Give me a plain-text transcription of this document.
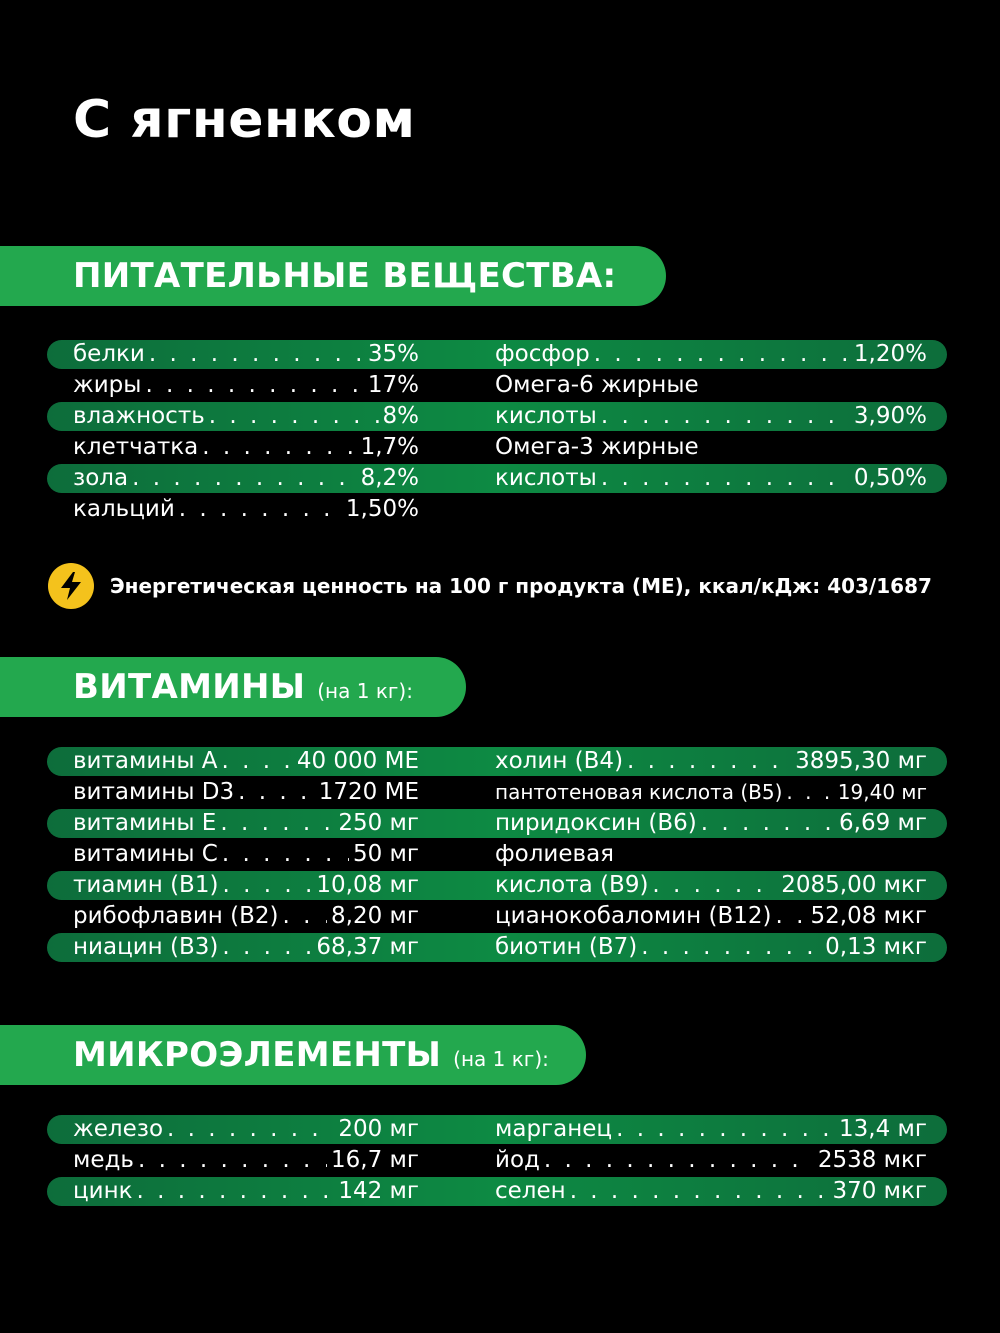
С ягненком
ПИТАТЕЛЬНЫЕ ВЕЩЕСТВА:
белки . . .	35%
жиры . . .	17%
влажность . . .	8%
клетчатка . . .	1,7%
зола . . .	8,2%
кальций . . .	1,50%
фосфор . . .	1,20%
Омега-6 жирные
кислоты . . .	3,90%
Омега-3 жирные
кислоты . . .	0,50%
Энергетическая ценность на 100 г продукта (МЕ), ккал/кДж: 403/1687
ВИТАМИНЫ (на 1 кг):
витамины А . . .	40 000 МЕ
витамины D3 . . .	1720 МЕ
витамины Е . . .	250 мг
витамины С . . .	50 мг
тиамин (В1) . . .	10,08 мг
рибофлавин (В2) . . . 8,20 мг
ниацин (В3) . . .	68,37 мг
холин (В4) . . .	3895,30 мг
пантотеновая кислота (В5) . . .	19,40 мг
пиридоксин (В6) . . .	6,69 мг
фолиевая
кислота (В9) . . .	2085,00 мкг
цианокобаломин (В12) . . . 52,08 мкг
биотин (В7) . . .	0,13 мкг
МИКРОЭЛЕМЕНТЫ (на 1 кг):
железо . . .	200 мг
медь . . .	16,7 мг
цинк . . .	142 мг
марганец . . .	13,4 мг
йод . . .	2538 мкг
селен . . .	370 мкг
